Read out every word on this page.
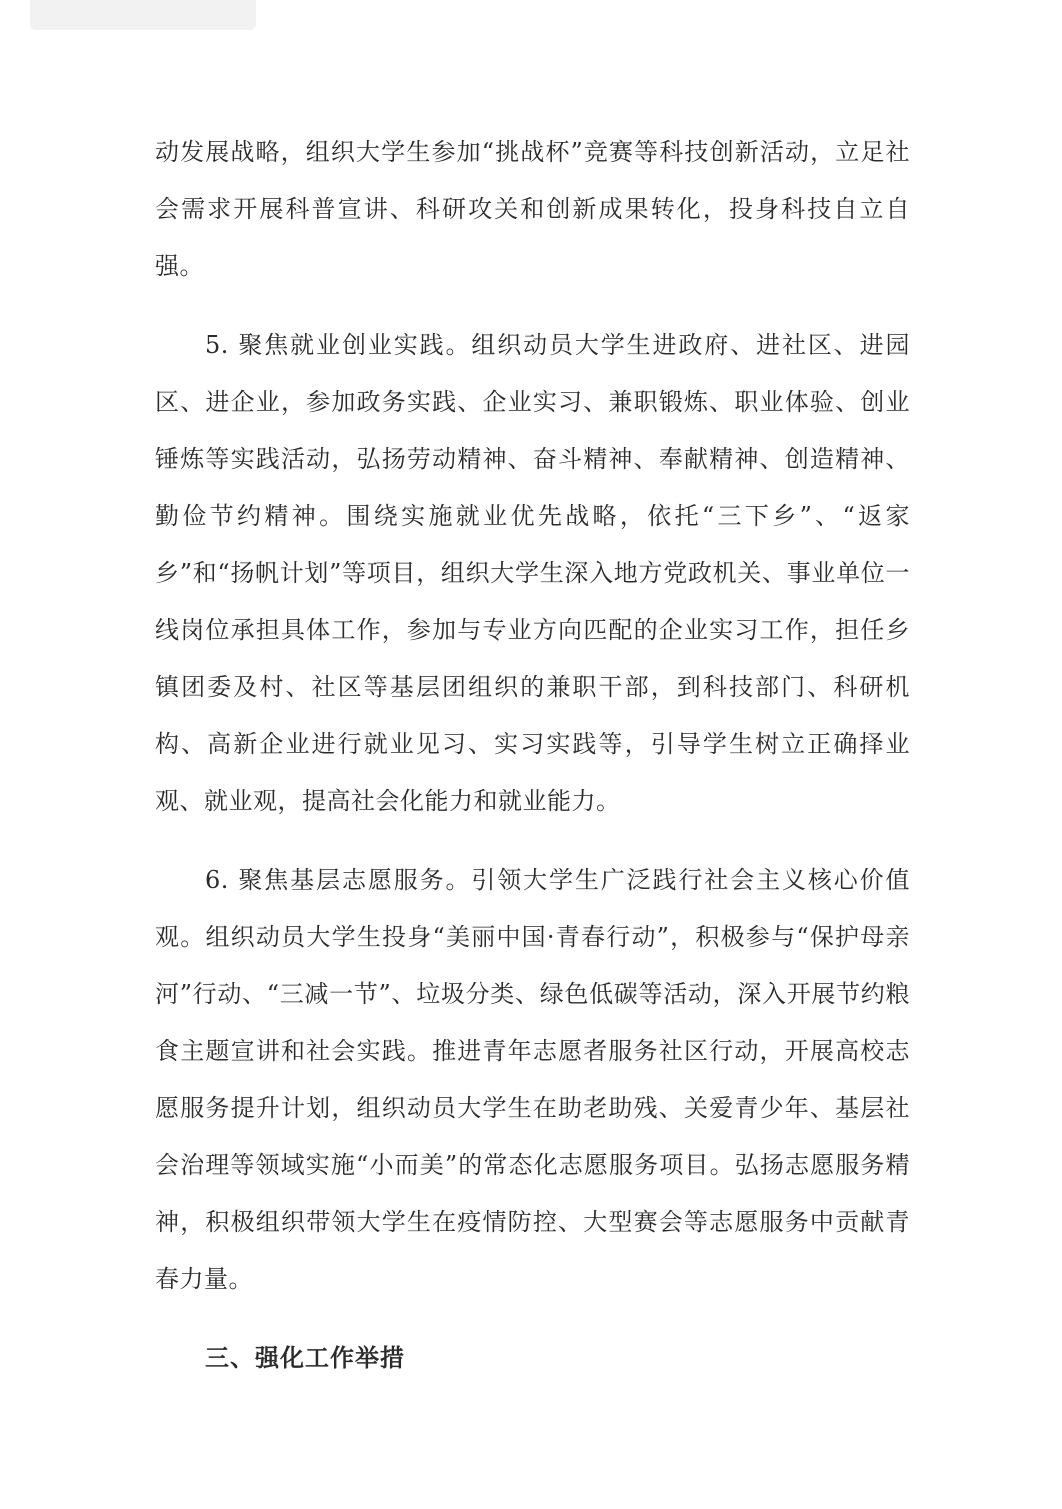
动发展战略，组织大学生参加“挑战杯”竞赛等科技创新活动，立足社会需求开展科普宣讲、科研攻关和创新成果转化，投身科技自立自强。

5. 聚焦就业创业实践。组织动员大学生进政府、进社区、进园区、进企业，参加政务实践、企业实习、兼职锻炼、职业体验、创业锤炼等实践活动，弘扬劳动精神、奋斗精神、奉献精神、创造精神、勤俭节约精神。围绕实施就业优先战略，依托“三下乡”、“返家乡”和“扬帆计划”等项目，组织大学生深入地方党政机关、事业单位一线岗位承担具体工作，参加与专业方向匹配的企业实习工作，担任乡镇团委及村、社区等基层团组织的兼职干部，到科技部门、科研机构、高新企业进行就业见习、实习实践等，引导学生树立正确择业观、就业观，提高社会化能力和就业能力。

6. 聚焦基层志愿服务。引领大学生广泛践行社会主义核心价值观。组织动员大学生投身“美丽中国·青春行动”，积极参与“保护母亲河”行动、“三减一节”、垃圾分类、绿色低碳等活动，深入开展节约粮食主题宣讲和社会实践。推进青年志愿者服务社区行动，开展高校志愿服务提升计划，组织动员大学生在助老助残、关爱青少年、基层社会治理等领域实施“小而美”的常态化志愿服务项目。弘扬志愿服务精神，积极组织带领大学生在疫情防控、大型赛会等志愿服务中贡献青春力量。

三、强化工作举措
